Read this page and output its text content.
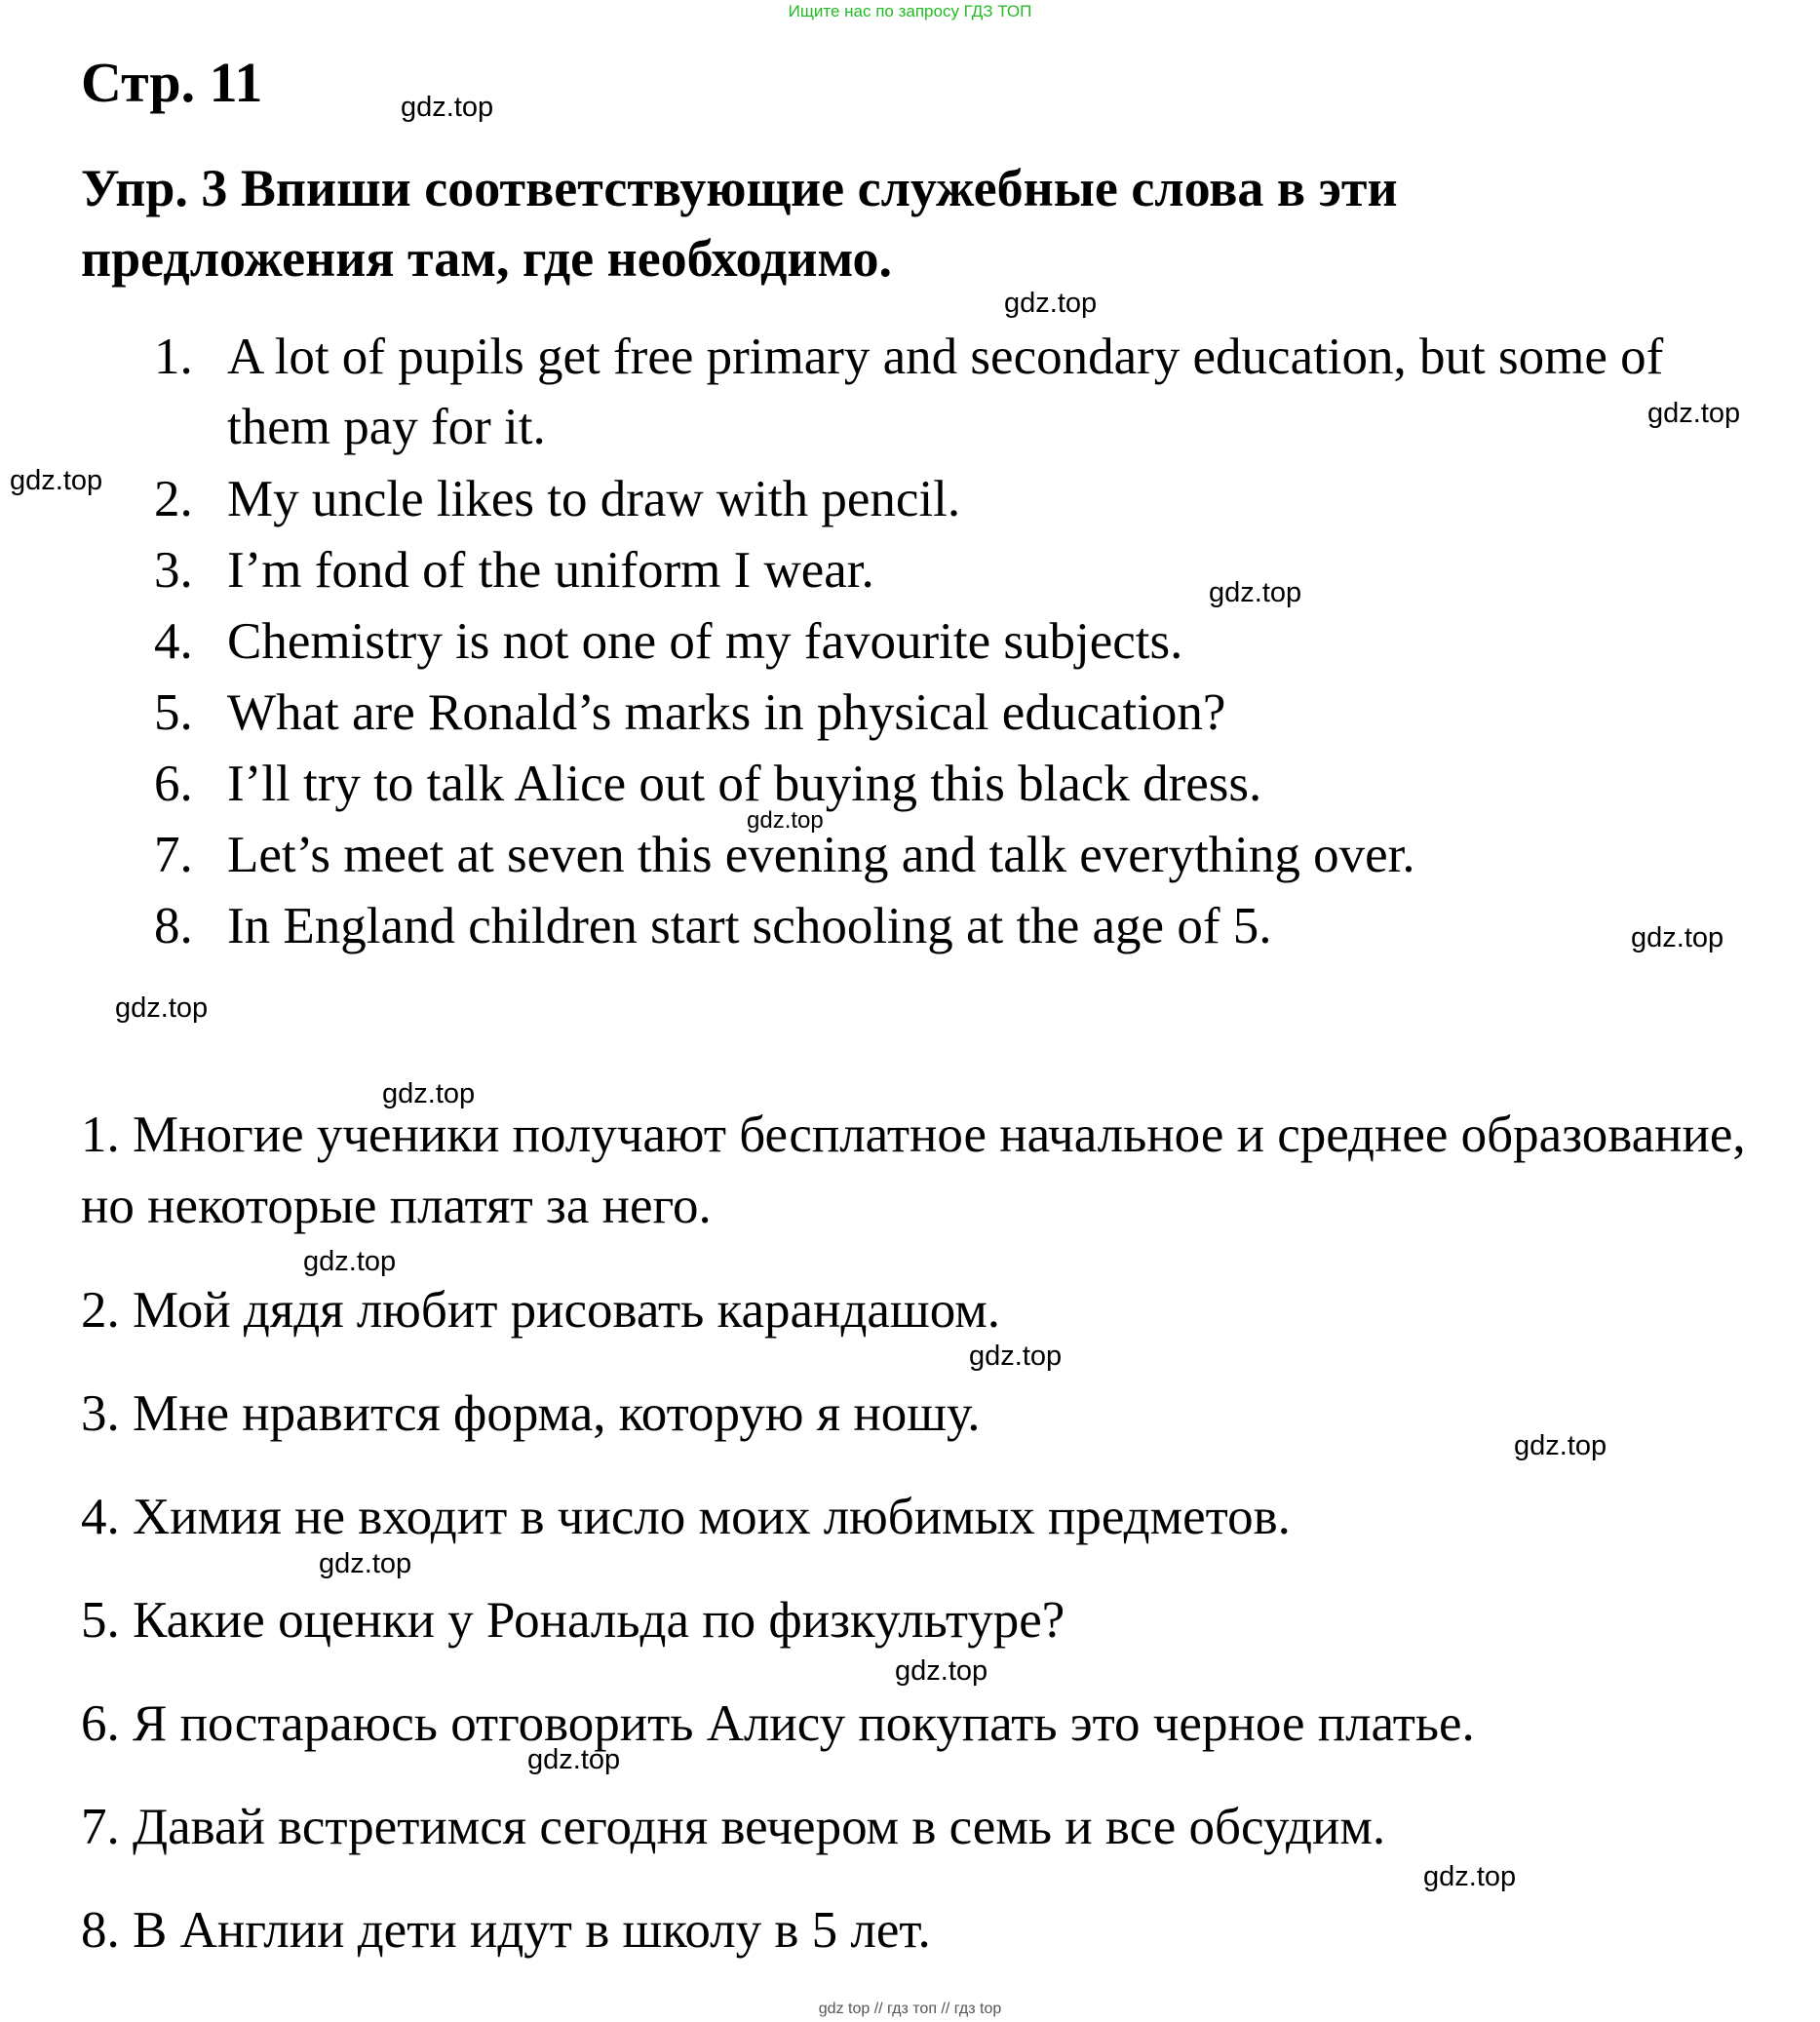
Ищите нас по запросу ГДЗ ТОП
Стр. 11
Упр. 3 Впиши соответствующие служебные слова в эти предложения там, где необходимо.
1. A lot of pupils get free primary and secondary education, but some of them pay for it.
2. My uncle likes to draw with pencil.
3. I’m fond of the uniform I wear.
4. Chemistry is not one of my favourite subjects.
5. What are Ronald’s marks in physical education?
6. I’ll try to talk Alice out of buying this black dress.
7. Let’s meet at seven this evening and talk everything over.
8. In England children start schooling at the age of 5.
1. Многие ученики получают бесплатное начальное и среднее образование, но некоторые платят за него.
2. Мой дядя любит рисовать карандашом.
3. Мне нравится форма, которую я ношу.
4. Химия не входит в число моих любимых предметов.
5. Какие оценки у Рональда по физкультуре?
6. Я постараюсь отговорить Алису покупать это черное платье.
7. Давай встретимся сегодня вечером в семь и все обсудим.
8. В Англии дети идут в школу в 5 лет.
gdz.top
gdz.top
gdz.top
gdz.top
gdz.top
gdz.top
gdz.top
gdz.top
gdz.top
gdz.top
gdz.top
gdz.top
gdz.top
gdz.top
gdz.top
gdz.top
gdz top // гдз топ // гдз top
